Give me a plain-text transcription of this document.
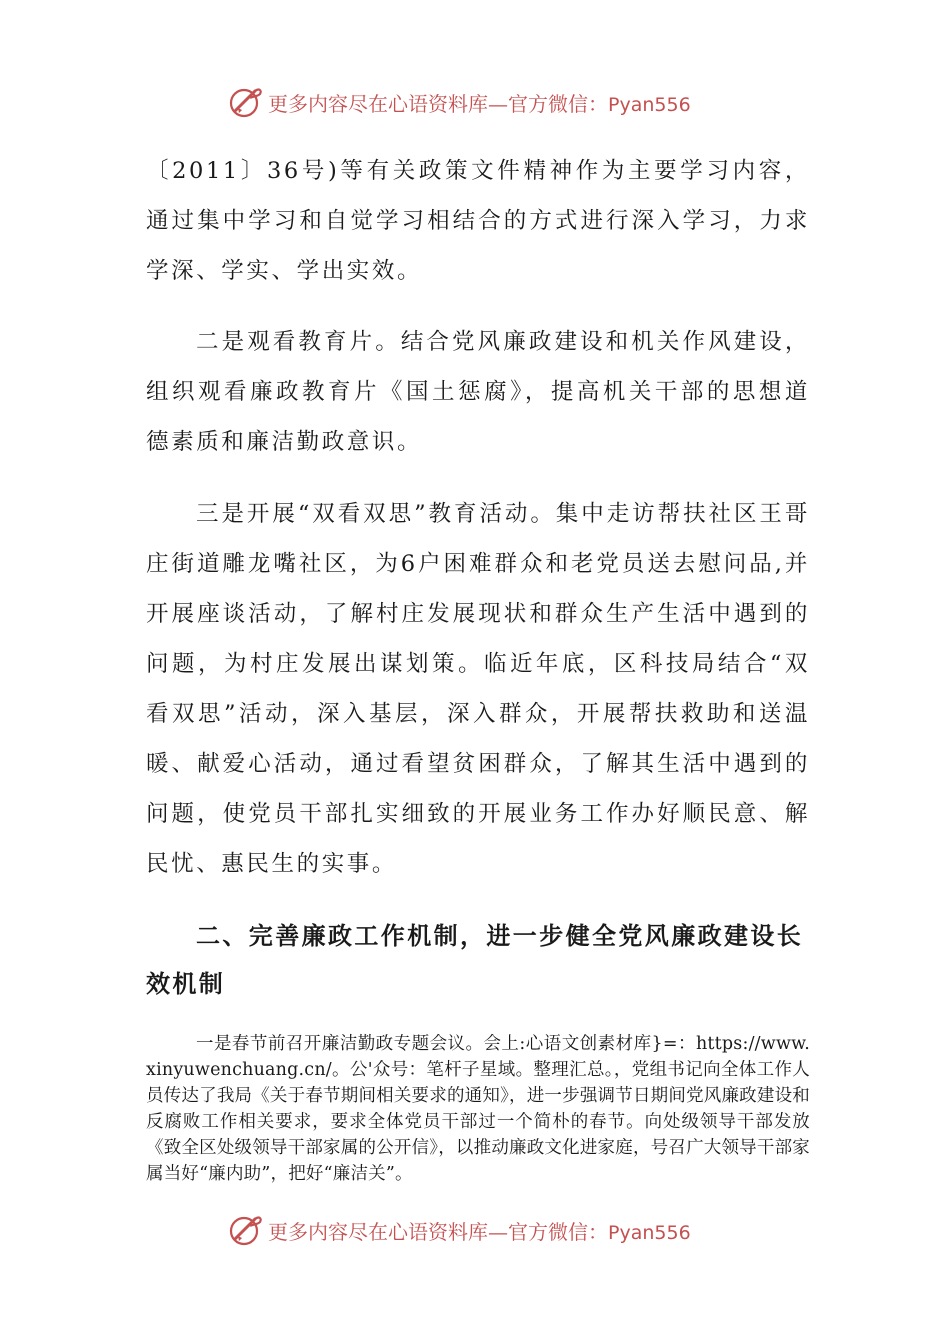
更多内容尽在心语资料库—官方微信：Pyan556

〔2011〕36号)等有关政策文件精神作为主要学习内容，通过集中学习和自觉学习相结合的方式进行深入学习，力求学深、学实、学出实效。

二是观看教育片。结合党风廉政建设和机关作风建设，组织观看廉政教育片《国土惩腐》，提高机关干部的思想道德素质和廉洁勤政意识。

三是开展“双看双思”教育活动。集中走访帮扶社区王哥庄街道雕龙嘴社区，为6户困难群众和老党员送去慰问品,并开展座谈活动，了解村庄发展现状和群众生产生活中遇到的问题，为村庄发展出谋划策。临近年底，区科技局结合“双看双思”活动，深入基层，深入群众，开展帮扶救助和送温暖、献爱心活动，通过看望贫困群众，了解其生活中遇到的问题，使党员干部扎实细致的开展业务工作办好顺民意、解民忧、惠民生的实事。

二、完善廉政工作机制，进一步健全党风廉政建设长效机制

一是春节前召开廉洁勤政专题会议。会上:心语文创素材库}=：https://www.xinyuwenchuang.cn/。公'众号：笔杆子星域。整理汇总。，党组书记向全体工作人员传达了我局《关于春节期间相关要求的通知》，进一步强调节日期间党风廉政建设和反腐败工作相关要求，要求全体党员干部过一个简朴的春节。向处级领导干部发放《致全区处级领导干部家属的公开信》，以推动廉政文化进家庭，号召广大领导干部家属当好“廉内助”，把好“廉洁关”。

更多内容尽在心语资料库—官方微信：Pyan556
